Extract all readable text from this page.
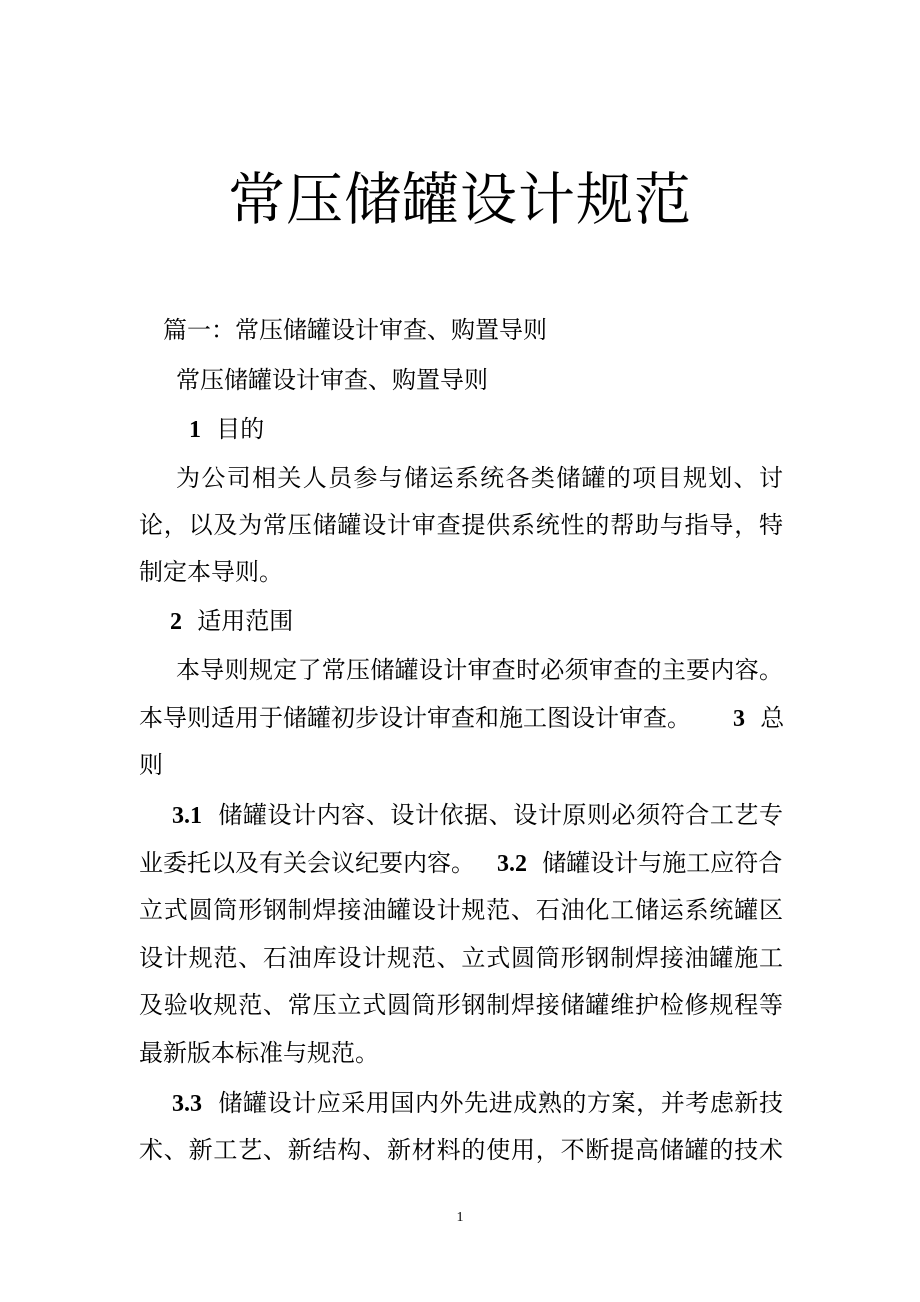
常压储罐设计规范
篇一：常压储罐设计审查、购置导则
常压储罐设计审查、购置导则
1 目的
为公司相关人员参与储运系统各类储罐的项目规划、讨
论，以及为常压储罐设计审查提供系统性的帮助与指导，特
制定本导则。
2 适用范围
本导则规定了常压储罐设计审查时必须审查的主要内容。
本导则适用于储罐初步设计审查和施工图设计审查。 3 总
则
3.1 储罐设计内容、设计依据、设计原则必须符合工艺专
业委托以及有关会议纪要内容。 3.2 储罐设计与施工应符合
立式圆筒形钢制焊接油罐设计规范、石油化工储运系统罐区
设计规范、石油库设计规范、立式圆筒形钢制焊接油罐施工
及验收规范、常压立式圆筒形钢制焊接储罐维护检修规程等
最新版本标准与规范。
3.3 储罐设计应采用国内外先进成熟的方案，并考虑新技
术、新工艺、新结构、新材料的使用，不断提高储罐的技术
1
